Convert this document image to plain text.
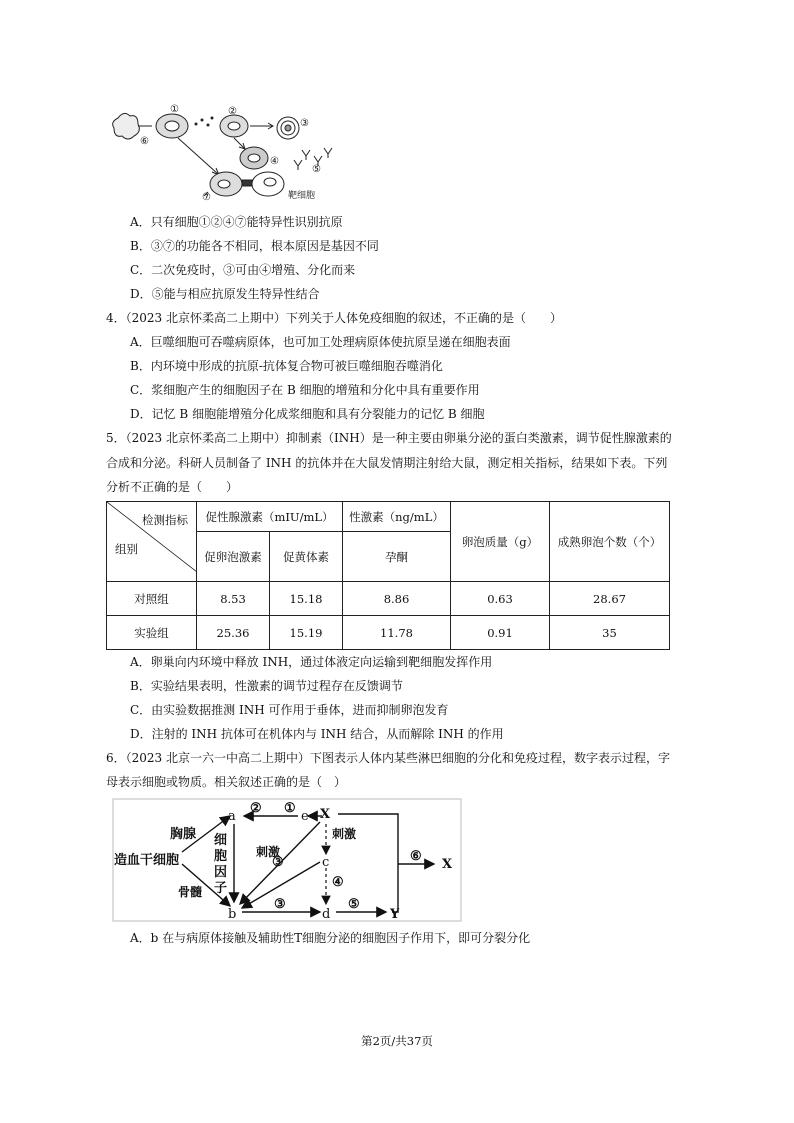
⑥
①	②
③
④
⑤
⑦	靶细胞
A．只有细胞①②④⑦能特异性识别抗原
B．③⑦的功能各不相同，根本原因是基因不同
C．二次免疫时，③可由④增殖、分化而来
D．⑤能与相应抗原发生特异性结合
4．（2023 北京怀柔高二上期中）下列关于人体免疫细胞的叙述，不正确的是（　　）
A．巨噬细胞可吞噬病原体，也可加工处理病原体使抗原呈递在细胞表面
B．内环境中形成的抗原-抗体复合物可被巨噬细胞吞噬消化
C．浆细胞产生的细胞因子在 B 细胞的增殖和分化中具有重要作用
D．记忆 B 细胞能增殖分化成浆细胞和具有分裂能力的记忆 B 细胞
5．（2023 北京怀柔高二上期中）抑制素（INH）是一种主要由卵巢分泌的蛋白类激素，调节促性腺激素的
合成和分泌。科研人员制备了 INH 的抗体并在大鼠发情期注射给大鼠，测定相关指标，结果如下表。下列
分析不正确的是（　　）
检测指标
组别	促性腺激素（mIU/mL）		性激素（ng/mL）	卵泡质量（g）	成熟卵泡个数（个）
	促卵泡激素	促黄体素	孕酮		
对照组	8.53	15.18	8.86	0.63	28.67
实验组	25.36	15.19	11.78	0.91	35
A．卵巢向内环境中释放 INH，通过体液定向运输到靶细胞发挥作用
B．实验结果表明，性激素的调节过程存在反馈调节
C．由实验数据推测 INH 可作用于垂体，进而抑制卵泡发育
D．注射的 INH 抗体可在机体内与 INH 结合，从而解除 INH 的作用
6．（2023 北京一六一中高二上期中）下图表示人体内某些淋巴细胞的分化和免疫过程，数字表示过程，字
母表示细胞或物质。相关叙述正确的是（　）
造血干细胞
胸腺
骨髓
a
b
e X
c
d	Y
X
② ①
③
③
④
⑤
⑥
刺激
刺激
细
胞
因
子
A．b 在与病原体接触及辅助性T细胞分泌的细胞因子作用下，即可分裂分化
第2页/共37页
